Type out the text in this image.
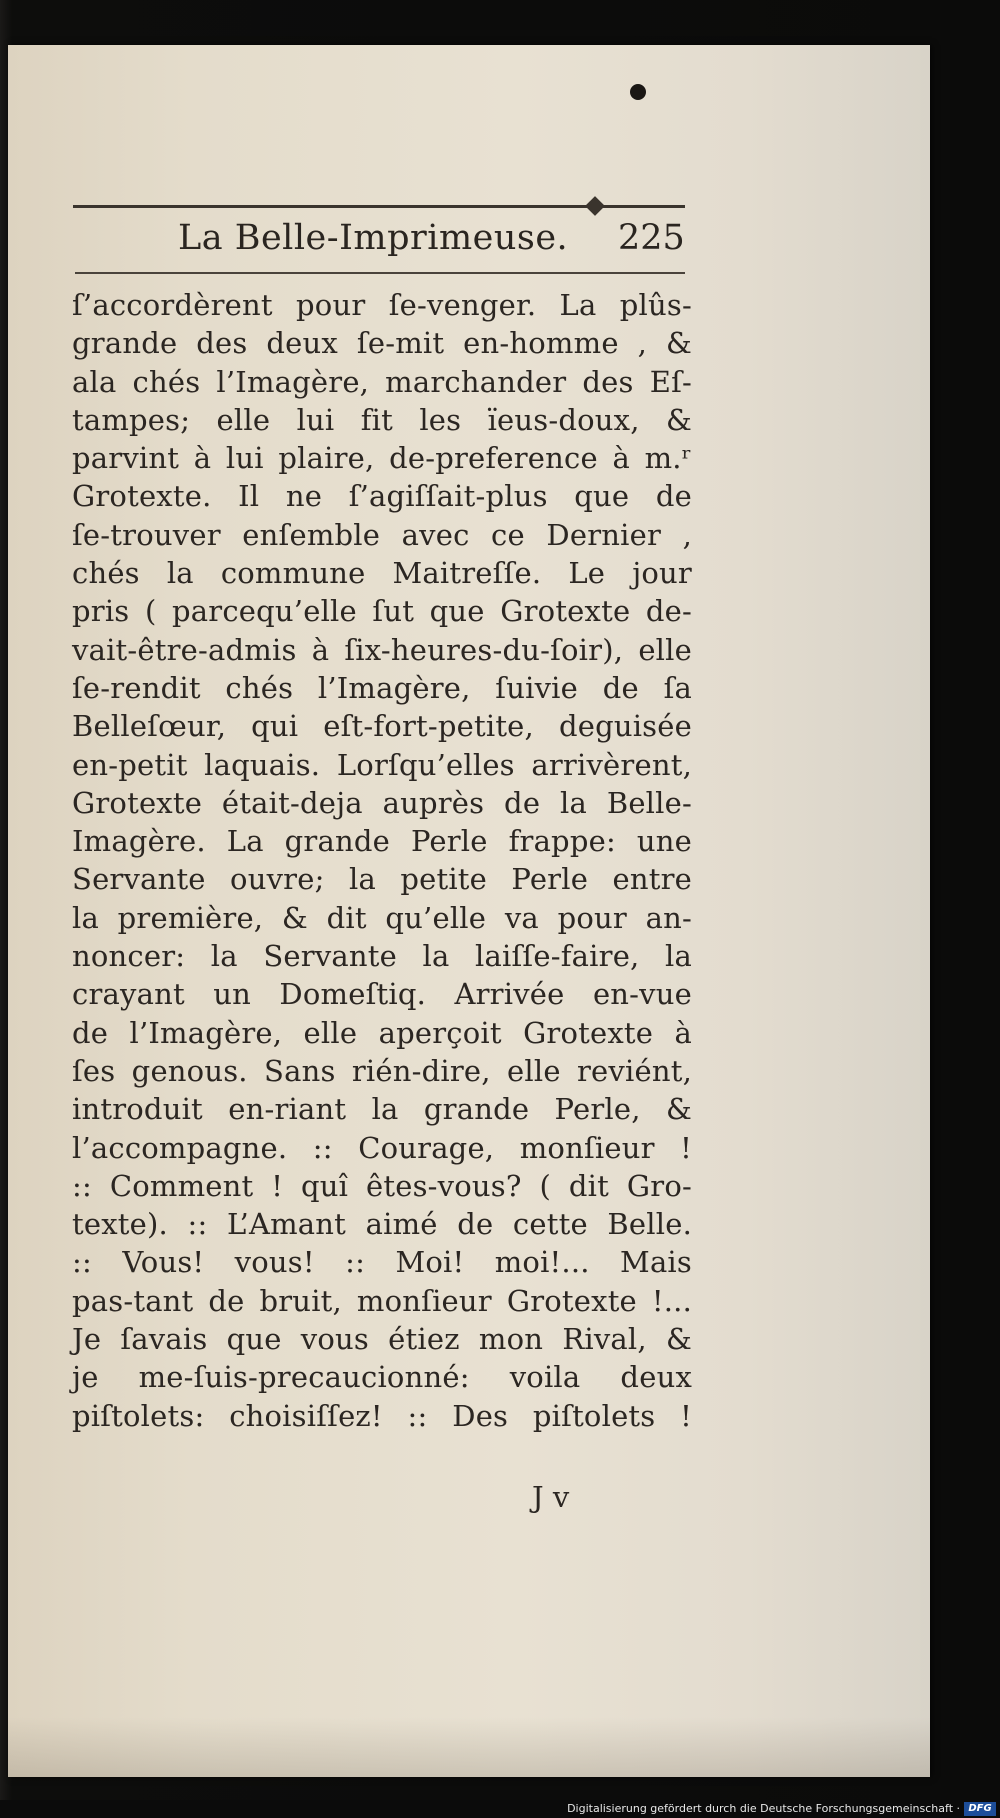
La Belle-Imprimeuse. 225
ſ’accordèrent pour ſe-venger. La plûs-
grande des deux ſe-mit en-homme , &
ala chés l’Imagère, marchander des Eſ-
tampes; elle lui fit les ïeus-doux, &
parvint à lui plaire, de-preference à m.ʳ
Grotexte. Il ne ſ’agiſſait-plus que de
ſe-trouver enſemble avec ce Dernier ,
chés la commune Maitreſſe. Le jour
pris ( parcequ’elle ſut que Grotexte de-
vait-être-admis à ſix-heures-du-ſoir), elle
ſe-rendit chés l’Imagère, ſuivie de ſa
Belleſœur, qui eſt-fort-petite, deguisée
en-petit laquais. Lorſqu’elles arrivèrent,
Grotexte était-deja auprès de la Belle-
Imagère. La grande Perle frappe: une
Servante ouvre; la petite Perle entre
la première, & dit qu’elle va pour an-
noncer: la Servante la laiſſe-faire, la
crayant un Domeſtiq. Arrivée en-vue
de l’Imagère, elle aperçoit Grotexte à
ſes genous. Sans rién-dire, elle reviént,
introduit en-riant la grande Perle, &
l’accompagne. :: Courage, monſieur !
:: Comment ! quî êtes-vous? ( dit Gro-
texte). :: L’Amant aimé de cette Belle.
:: Vous! vous! :: Moi! moi!... Mais
pas-tant de bruit, monſieur Grotexte !...
Je ſavais que vous étiez mon Rival, &
je me-ſuis-precaucionné: voila deux
piſtolets: choisiſſez! :: Des piſtolets !
J v
Digitalisierung gefördert durch die Deutsche Forschungsgemeinschaft · DFG
